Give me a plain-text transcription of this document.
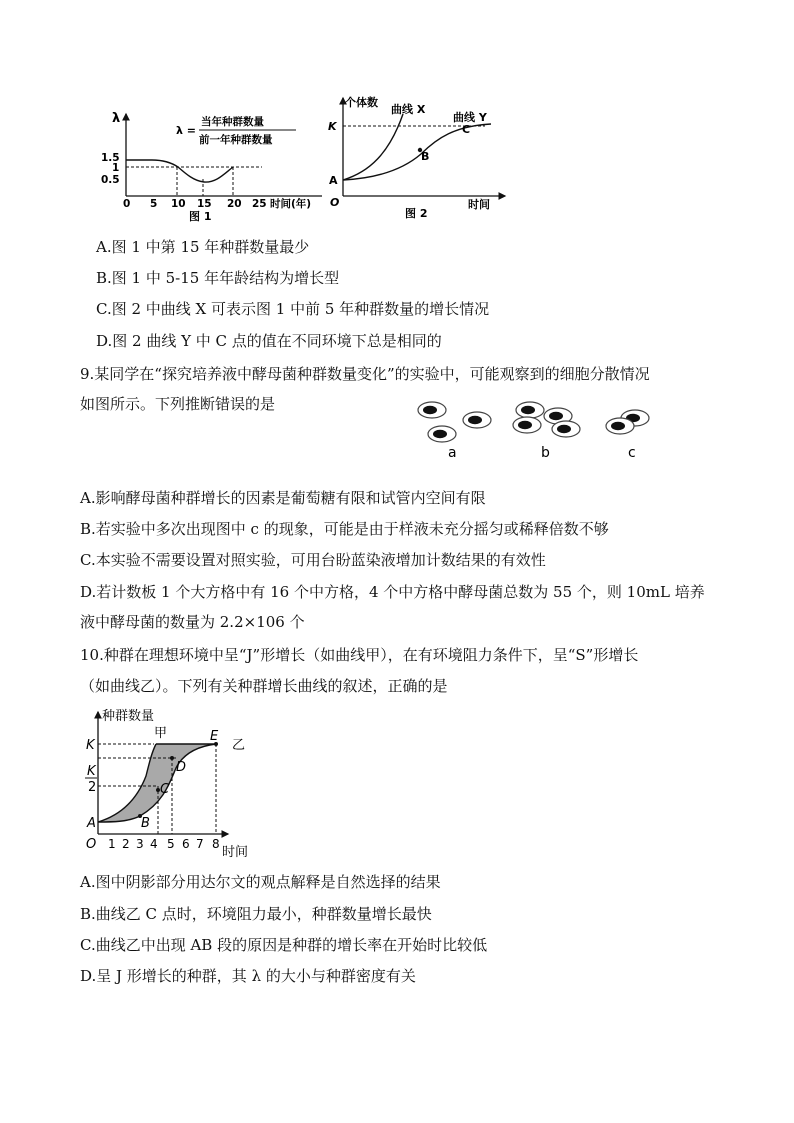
λ
λ =
当年种群数量
前一年种群数量
1.5
1
0.5
0 5 10 15 20 25 时间(年)
图 1
个体数
K
曲线 X
曲线 Y
A
B
C
O	时间
图 2
A.图 1 中第 15 年种群数量最少
B.图 1 中 5-15 年年龄结构为增长型
C.图 2 中曲线 X 可表示图 1 中前 5 年种群数量的增长情况
D.图 2 曲线 Y 中 C 点的值在不同环境下总是相同的
9.某同学在“探究培养液中酵母菌种群数量变化”的实验中，可能观察到的细胞分散情况
如图所示。下列推断错误的是
a	b	c
A.影响酵母菌种群增长的因素是葡萄糖有限和试管内空间有限
B.若实验中多次出现图中 c 的现象，可能是由于样液未充分摇匀或稀释倍数不够
C.本实验不需要设置对照实验，可用台盼蓝染液增加计数结果的有效性
D.若计数板 1 个大方格中有 16 个中方格，4 个中方格中酵母菌总数为 55 个，则 10mL 培养
液中酵母菌的数量为 2.2×106 个
10.种群在理想环境中呈“J”形增长（如曲线甲），在有环境阻力条件下，呈“S”形增长
（如曲线乙）。下列有关种群增长曲线的叙述，正确的是
种群数量
K
K
2
A	B
C
D
E
甲
乙
O 1 2 3 4 5 6 7 8
时间
A.图中阴影部分用达尔文的观点解释是自然选择的结果
B.曲线乙 C 点时，环境阻力最小，种群数量增长最快
C.曲线乙中出现 AB 段的原因是种群的增长率在开始时比较低
D.呈 J 形增长的种群，其 λ 的大小与种群密度有关
